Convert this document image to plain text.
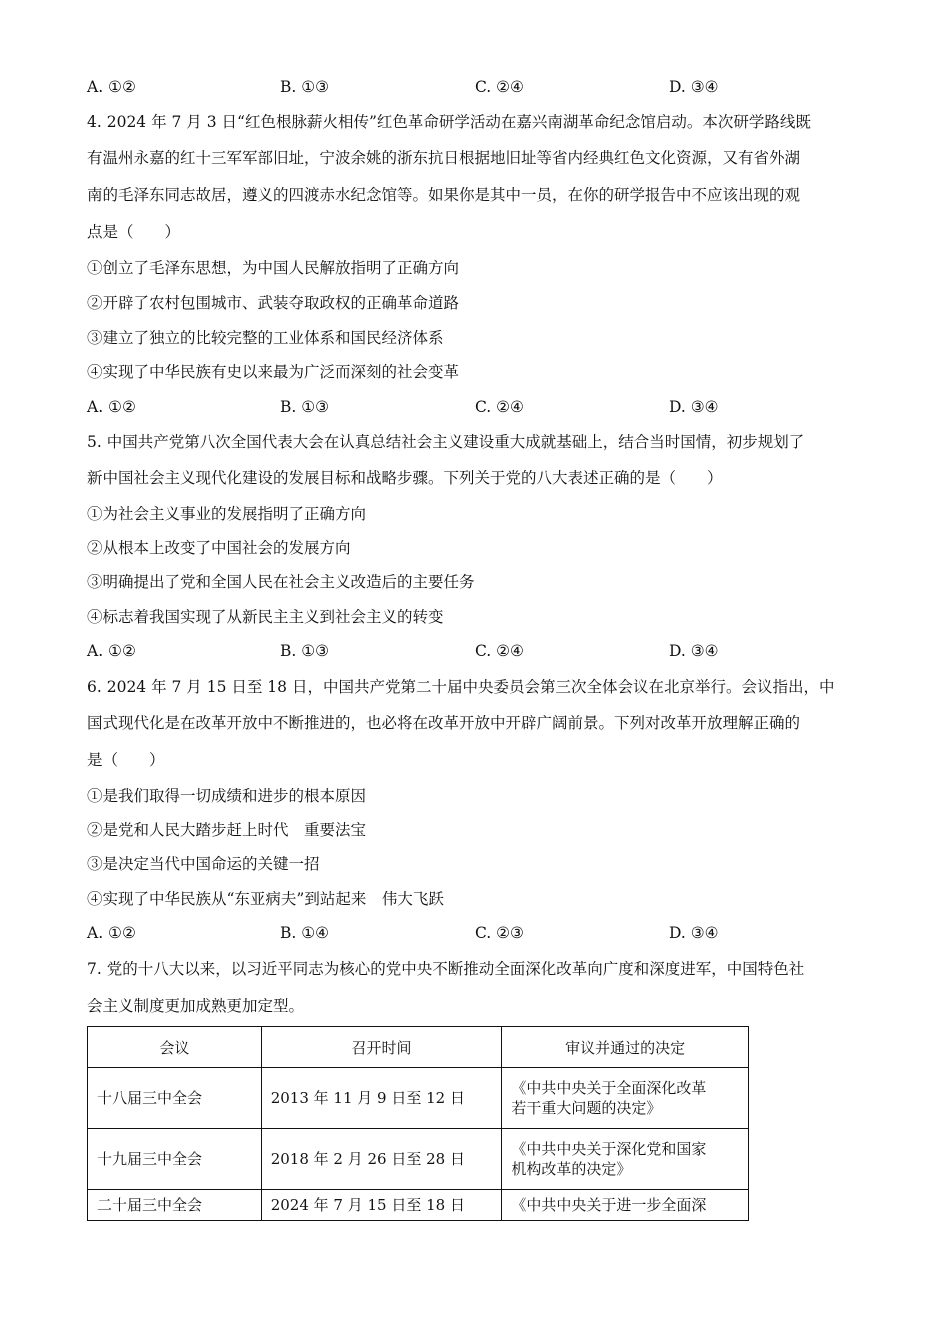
A. ①②	B. ①③	C. ②④	D. ③④
4. 2024 年 7 月 3 日“红色根脉薪火相传”红色革命研学活动在嘉兴南湖革命纪念馆启动。本次研学路线既
有温州永嘉的红十三军军部旧址，宁波余姚的浙东抗日根据地旧址等省内经典红色文化资源，又有省外湖
南的毛泽东同志故居，遵义的四渡赤水纪念馆等。如果你是其中一员，在你的研学报告中不应该出现的观
点是（　　）
①创立了毛泽东思想，为中国人民解放指明了正确方向
②开辟了农村包围城市、武装夺取政权的正确革命道路
③建立了独立的比较完整的工业体系和国民经济体系
④实现了中华民族有史以来最为广泛而深刻的社会变革
A. ①②	B. ①③	C. ②④	D. ③④
5. 中国共产党第八次全国代表大会在认真总结社会主义建设重大成就基础上，结合当时国情，初步规划了
新中国社会主义现代化建设的发展目标和战略步骤。下列关于党的八大表述正确的是（　　）
①为社会主义事业的发展指明了正确方向
②从根本上改变了中国社会的发展方向
③明确提出了党和全国人民在社会主义改造后的主要任务
④标志着我国实现了从新民主主义到社会主义的转变
A. ①②	B. ①③	C. ②④	D. ③④
6. 2024 年 7 月 15 日至 18 日，中国共产党第二十届中央委员会第三次全体会议在北京举行。会议指出，中
国式现代化是在改革开放中不断推进的，也必将在改革开放中开辟广阔前景。下列对改革开放理解正确的
是（　　）
①是我们取得一切成绩和进步的根本原因
②是党和人民大踏步赶上时代　重要法宝
③是决定当代中国命运的关键一招
④实现了中华民族从“东亚病夫”到站起来　伟大飞跃
A. ①②	B. ①④	C. ②③	D. ③④
7. 党的十八大以来，以习近平同志为核心的党中央不断推动全面深化改革向广度和深度进军，中国特色社
会主义制度更加成熟更加定型。
会议	召开时间	审议并通过的决定
十八届三中全会	2013 年 11 月 9 日至 12 日	《中共中央关于全面深化改革
若干重大问题的决定》

十九届三中全会	2018 年 2 月 26 日至 28 日	《中共中央关于深化党和国家
机构改革的决定》

二十届三中全会	2024 年 7 月 15 日至 18 日	《中共中央关于进一步全面深
